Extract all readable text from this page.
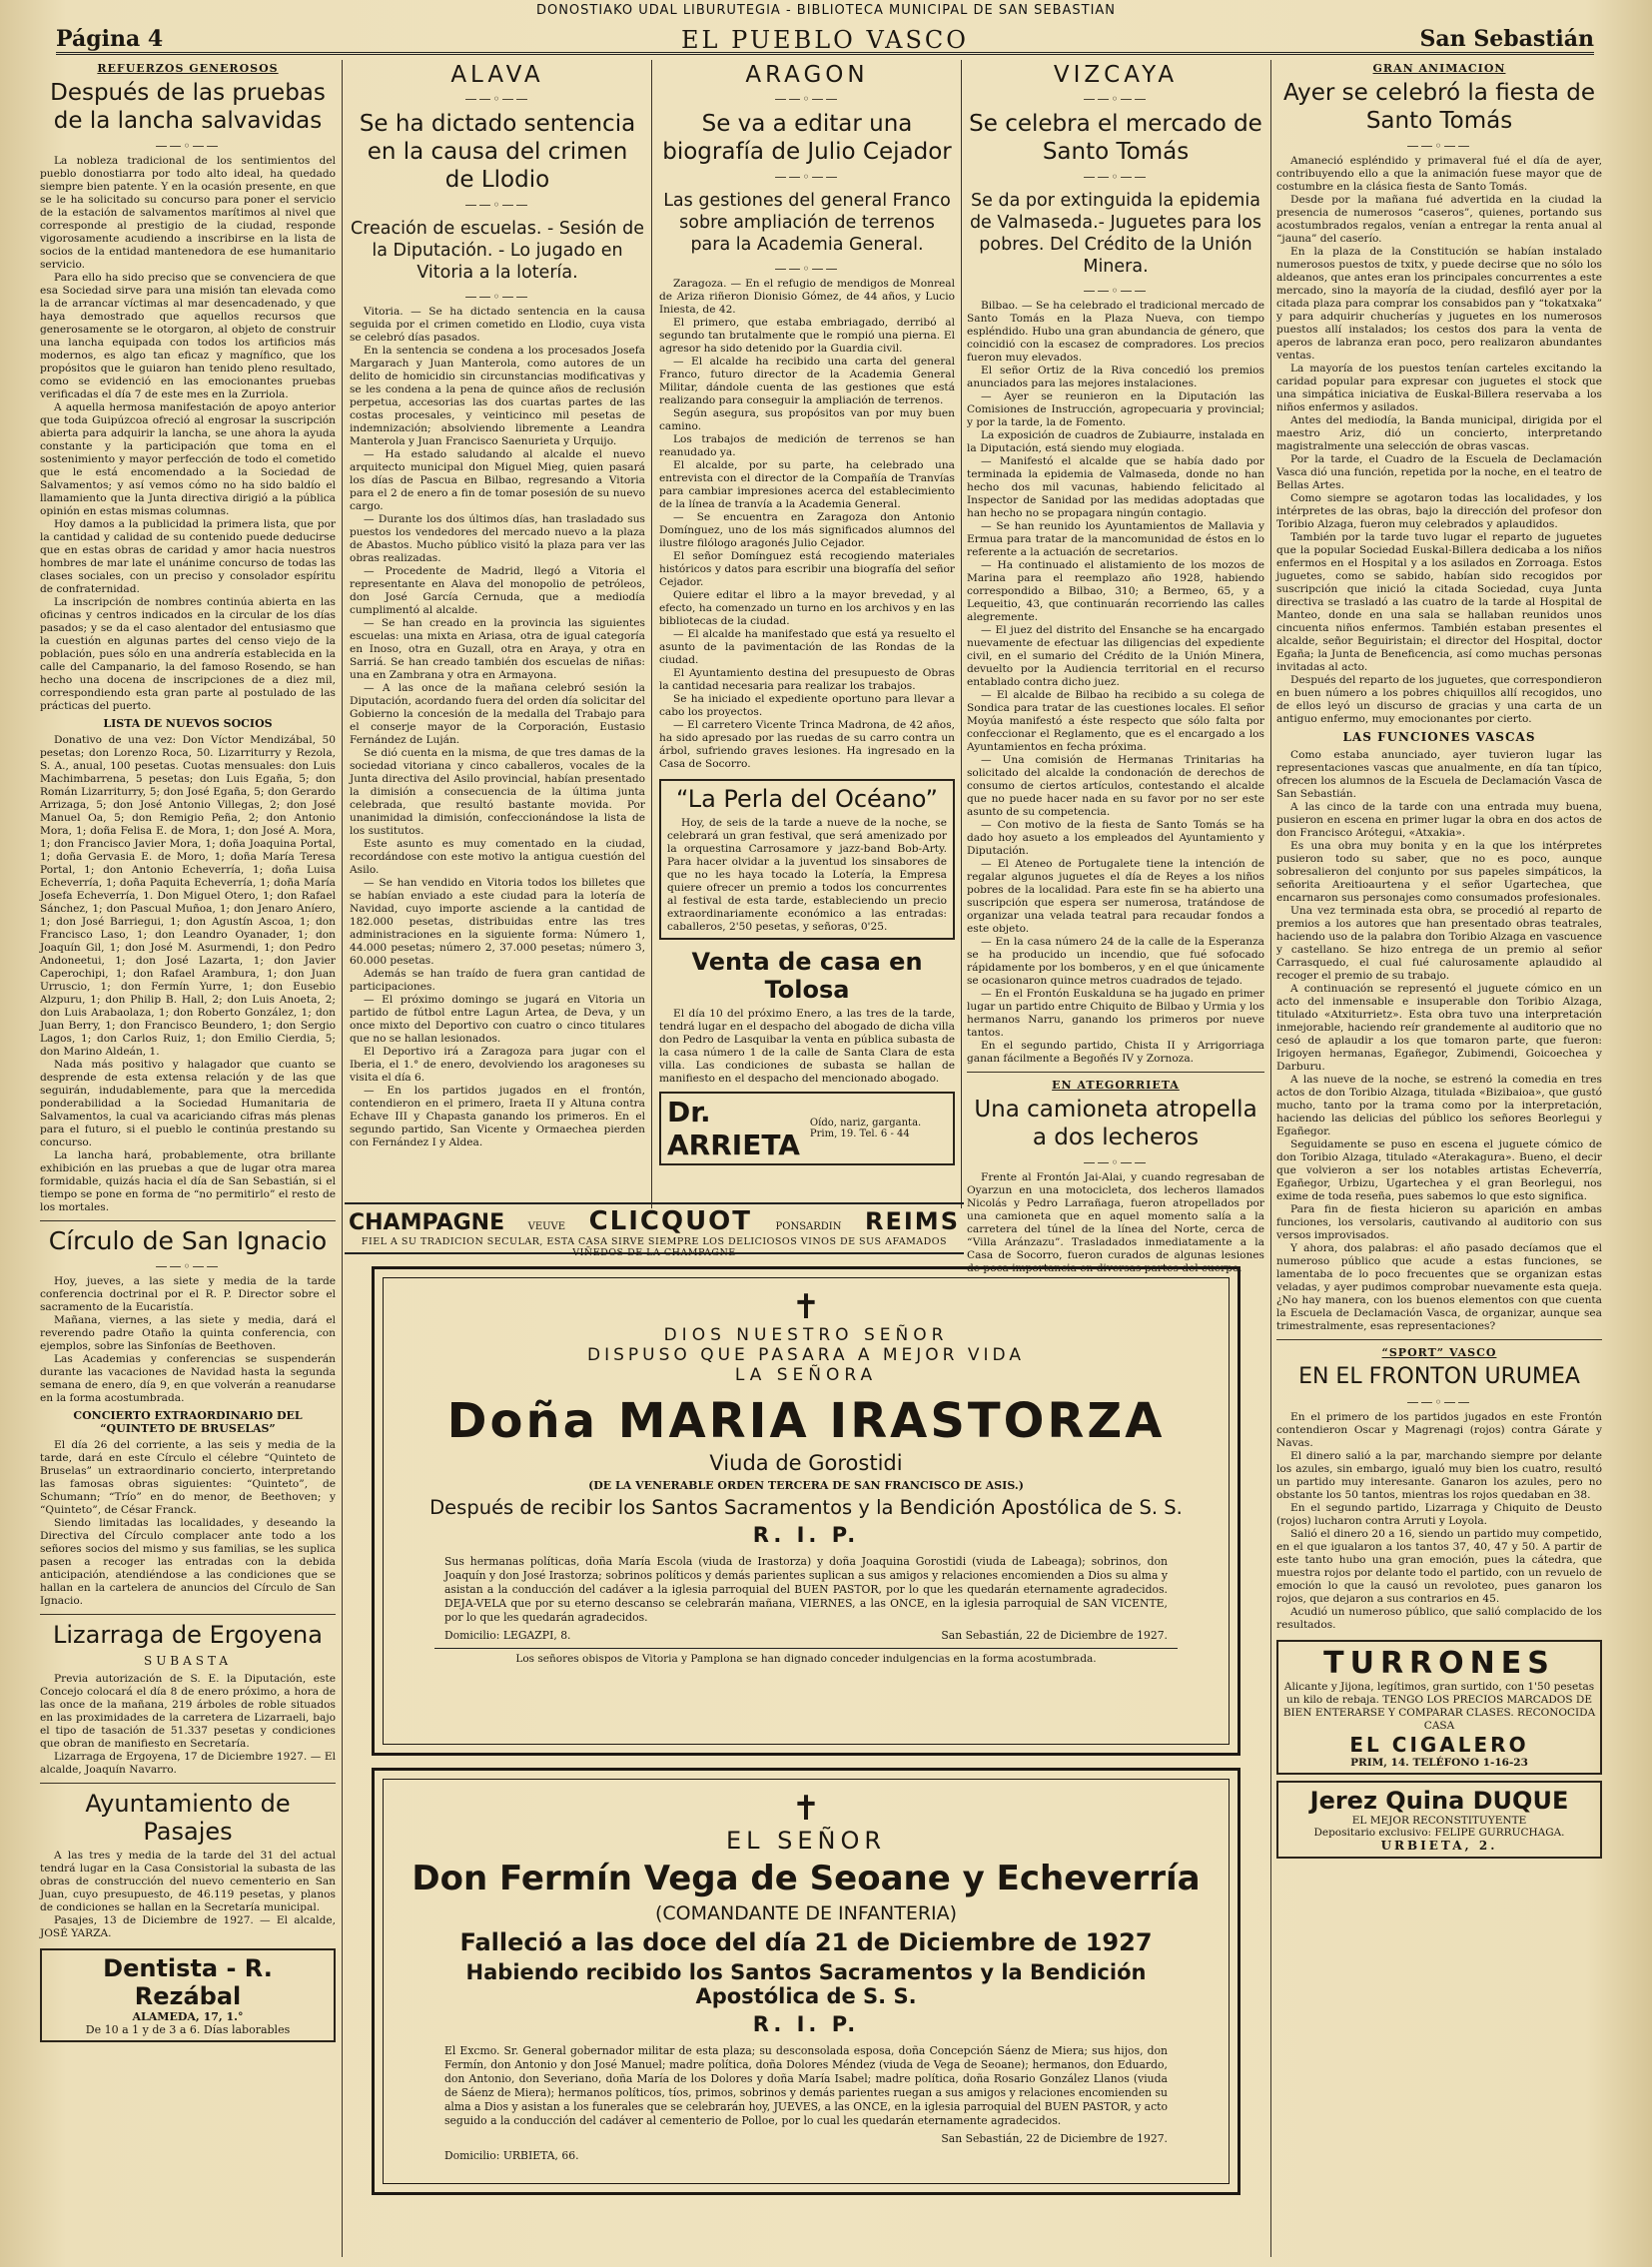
DONOSTIAKO UDAL LIBURUTEGIA - BIBLIOTECA MUNICIPAL DE SAN SEBASTIAN
Página 4	EL PUEBLO VASCO	San Sebastián
REFUERZOS GENEROSOS
Después de las pruebas de la lancha salvavidas
——◦——

La nobleza tradicional de los sentimientos del pueblo donostiarra por todo alto ideal, ha quedado siempre bien patente. Y en la ocasión presente, en que se le ha solicitado su concurso para poner el servicio de la estación de salvamentos marítimos al nivel que corresponde al prestigio de la ciudad, responde vigorosamente acudiendo a inscribirse en la lista de socios de la entidad mantenedora de ese humanitario servicio.

Para ello ha sido preciso que se convenciera de que esa Sociedad sirve para una misión tan elevada como la de arrancar víctimas al mar desencadenado, y que haya demostrado que aquellos recursos que generosamente se le otorgaron, al objeto de construir una lancha equipada con todos los artificios más modernos, es algo tan eficaz y magnífico, que los propósitos que le guiaron han tenido pleno resultado, como se evidenció en las emocionantes pruebas verificadas el día 7 de este mes en la Zurriola.

A aquella hermosa manifestación de apoyo anterior que toda Guipúzcoa ofreció al engrosar la suscripción abierta para adquirir la lancha, se une ahora la ayuda constante y la participación que toma en el sostenimiento y mayor perfección de todo el cometido que le está encomendado a la Sociedad de Salvamentos; y así vemos cómo no ha sido baldío el llamamiento que la Junta directiva dirigió a la pública opinión en estas mismas columnas.

Hoy damos a la publicidad la primera lista, que por la cantidad y calidad de su contenido puede deducirse que en estas obras de caridad y amor hacia nuestros hombres de mar late el unánime concurso de todas las clases sociales, con un preciso y consolador espíritu de confraternidad.

La inscripción de nombres continúa abierta en las oficinas y centros indicados en la circular de los días pasados; y se da el caso alentador del entusiasmo que la cuestión en algunas partes del censo viejo de la población, pues sólo en una andrería establecida en la calle del Campanario, la del famoso Rosendo, se han hecho una docena de inscripciones de a diez mil, correspondiendo esta gran parte al postulado de las prácticas del puerto.

LISTA DE NUEVOS SOCIOS

Donativo de una vez: Don Víctor Mendizábal, 50 pesetas; don Lorenzo Roca, 50. Lizarriturry y Rezola, S. A., anual, 100 pesetas. Cuotas mensuales: don Luis Machimbarrena, 5 pesetas; don Luis Egaña, 5; don Román Lizarriturry, 5; don José Egaña, 5; don Gerardo Arrizaga, 5; don José Antonio Villegas, 2; don José Manuel Oa, 5; don Remigio Peña, 2; don Antonio Mora, 1; doña Felisa E. de Mora, 1; don José A. Mora, 1; don Francisco Javier Mora, 1; doña Joaquina Portal, 1; doña Gervasia E. de Moro, 1; doña María Teresa Portal, 1; don Antonio Echeverría, 1; doña Luisa Echeverría, 1; doña Paquita Echeverría, 1; doña María Josefa Echeverría, 1. Don Miguel Otero, 1; don Rafael Sánchez, 1; don Pascual Muñoa, 1; don Jenaro Aníero, 1; don José Barriegui, 1; don Agustín Ascoa, 1; don Francisco Laso, 1; don Leandro Oyanader, 1; don Joaquín Gil, 1; don José M. Asurmendi, 1; don Pedro Andoneetui, 1; don José Lazarta, 1; don Javier Caperochipi, 1; don Rafael Arambura, 1; don Juan Urruscio, 1; don Fermín Yurre, 1; don Eusebio Alzpuru, 1; don Philip B. Hall, 2; don Luis Anoeta, 2; don Luis Arabaolaza, 1; don Roberto González, 1; don Juan Berry, 1; don Francisco Beundero, 1; don Sergio Lagos, 1; don Carlos Ruiz, 1; don Emilio Cierdia, 5; don Marino Aldeán, 1.

Nada más positivo y halagador que cuanto se desprende de esta extensa relación y de las que seguirán, indudablemente, para que la mercedida ponderabilidad a la Sociedad Humanitaria de Salvamentos, la cual va acariciando cifras más plenas para el futuro, si el pueblo le continúa prestando su concurso.

La lancha hará, probablemente, otra brillante exhibición en las pruebas a que de lugar otra marea formidable, quizás hacia el día de San Sebastián, si el tiempo se pone en forma de “no permitirlo” el resto de los mortales.

Círculo de San Ignacio
——◦——

Hoy, jueves, a las siete y media de la tarde conferencia doctrinal por el R. P. Director sobre el sacramento de la Eucaristía.

Mañana, viernes, a las siete y media, dará el reverendo padre Otaño la quinta conferencia, con ejemplos, sobre las Sinfonías de Beethoven.

Las Academias y conferencias se suspenderán durante las vacaciones de Navidad hasta la segunda semana de enero, día 9, en que volverán a reanudarse en la forma acostumbrada.

CONCIERTO EXTRAORDINARIO DEL “QUINTETO DE BRUSELAS”

El día 26 del corriente, a las seis y media de la tarde, dará en este Círculo el célebre “Quinteto de Bruselas” un extraordinario concierto, interpretando las famosas obras siguientes: “Quinteto”, de Schumann; “Trío” en do menor, de Beethoven; y “Quinteto”, de César Franck.

Siendo limitadas las localidades, y deseando la Directiva del Círculo complacer ante todo a los señores socios del mismo y sus familias, se les suplica pasen a recoger las entradas con la debida anticipación, atendiéndose a las condiciones que se hallan en la cartelera de anuncios del Círculo de San Ignacio.

Lizarraga de Ergoyena
SUBASTA

Previa autorización de S. E. la Diputación, este Concejo colocará el día 8 de enero próximo, a hora de las once de la mañana, 219 árboles de roble situados en las proximidades de la carretera de Lizarraeli, bajo el tipo de tasación de 51.337 pesetas y condiciones que obran de manifiesto en Secretaría.

Lizarraga de Ergoyena, 17 de Diciembre 1927. — El alcalde, Joaquín Navarro.

Ayuntamiento de Pasajes

A las tres y media de la tarde del 31 del actual tendrá lugar en la Casa Consistorial la subasta de las obras de construcción del nuevo cementerio en San Juan, cuyo presupuesto, de 46.119 pesetas, y planos de condiciones se hallan en la Secretaría municipal.

Pasajes, 13 de Diciembre de 1927. — El alcalde, JOSÉ YARZA.

Dentista - R. Rezábal
ALAMEDA, 17, 1.°
De 10 a 1 y de 3 a 6. Días laborables
ALAVA
——◦——
Se ha dictado sentencia en la causa del crimen de Llodio
——◦——
Creación de escuelas. - Sesión de la Diputación. - Lo jugado en Vitoria a la lotería.
——◦——

Vitoria. — Se ha dictado sentencia en la causa seguida por el crimen cometido en Llodio, cuya vista se celebró días pasados.

En la sentencia se condena a los procesados Josefa Margarach y Juan Manterola, como autores de un delito de homicidio sin circunstancias modificativas y se les condena a la pena de quince años de reclusión perpetua, accesorias las dos cuartas partes de las costas procesales, y veinticinco mil pesetas de indemnización; absolviendo libremente a Leandra Manterola y Juan Francisco Saenurieta y Urquijo.

— Ha estado saludando al alcalde el nuevo arquitecto municipal don Miguel Mieg, quien pasará los días de Pascua en Bilbao, regresando a Vitoria para el 2 de enero a fin de tomar posesión de su nuevo cargo.

— Durante los dos últimos días, han trasladado sus puestos los vendedores del mercado nuevo a la plaza de Abastos. Mucho público visitó la plaza para ver las obras realizadas.

— Procedente de Madrid, llegó a Vitoria el representante en Alava del monopolio de petróleos, don José García Cernuda, que a mediodía cumplimentó al alcalde.

— Se han creado en la provincia las siguientes escuelas: una mixta en Ariasa, otra de igual categoría en Inoso, otra en Guzall, otra en Araya, y otra en Sarriá. Se han creado también dos escuelas de niñas: una en Zambrana y otra en Armayona.

— A las once de la mañana celebró sesión la Diputación, acordando fuera del orden día solicitar del Gobierno la concesión de la medalla del Trabajo para el conserje mayor de la Corporación, Eustasio Fernández de Luján.

Se dió cuenta en la misma, de que tres damas de la sociedad vitoriana y cinco caballeros, vocales de la Junta directiva del Asilo provincial, habían presentado la dimisión a consecuencia de la última junta celebrada, que resultó bastante movida. Por unanimidad la dimisión, confeccionándose la lista de los sustitutos.

Este asunto es muy comentado en la ciudad, recordándose con este motivo la antigua cuestión del Asilo.

— Se han vendido en Vitoria todos los billetes que se habían enviado a este ciudad para la lotería de Navidad, cuyo importe asciende a la cantidad de 182.000 pesetas, distribuidas entre las tres administraciones en la siguiente forma: Número 1, 44.000 pesetas; número 2, 37.000 pesetas; número 3, 60.000 pesetas.

Además se han traído de fuera gran cantidad de participaciones.

— El próximo domingo se jugará en Vitoria un partido de fútbol entre Lagun Artea, de Deva, y un once mixto del Deportivo con cuatro o cinco titulares que no se hallan lesionados.

El Deportivo irá a Zaragoza para jugar con el Iberia, el 1.° de enero, devolviendo los aragoneses su visita el día 6.

— En los partidos jugados en el frontón, contendieron en el primero, Iraeta II y Altuna contra Echave III y Chapasta ganando los primeros. En el segundo partido, San Vicente y Ormaechea pierden con Fernández I y Aldea.

ARAGON
——◦——
Se va a editar una biografía de Julio Cejador
——◦——
Las gestiones del general Franco sobre ampliación de terrenos para la Academia General.
——◦——

Zaragoza. — En el refugio de mendigos de Monreal de Ariza riñeron Dionisio Gómez, de 44 años, y Lucio Iniesta, de 42.

El primero, que estaba embriagado, derribó al segundo tan brutalmente que le rompió una pierna. El agresor ha sido detenido por la Guardia civil.

— El alcalde ha recibido una carta del general Franco, futuro director de la Academia General Militar, dándole cuenta de las gestiones que está realizando para conseguir la ampliación de terrenos.

Según asegura, sus propósitos van por muy buen camino.

Los trabajos de medición de terrenos se han reanudado ya.

El alcalde, por su parte, ha celebrado una entrevista con el director de la Compañía de Tranvías para cambiar impresiones acerca del establecimiento de la línea de tranvía a la Academia General.

— Se encuentra en Zaragoza don Antonio Domínguez, uno de los más significados alumnos del ilustre filólogo aragonés Julio Cejador.

El señor Domínguez está recogiendo materiales históricos y datos para escribir una biografía del señor Cejador.

Quiere editar el libro a la mayor brevedad, y al efecto, ha comenzado un turno en los archivos y en las bibliotecas de la ciudad.

— El alcalde ha manifestado que está ya resuelto el asunto de la pavimentación de las Rondas de la ciudad.

El Ayuntamiento destina del presupuesto de Obras la cantidad necesaria para realizar los trabajos.

Se ha iniciado el expediente oportuno para llevar a cabo los proyectos.

— El carretero Vicente Trinca Madrona, de 42 años, ha sido apresado por las ruedas de su carro contra un árbol, sufriendo graves lesiones. Ha ingresado en la Casa de Socorro.

“La Perla del Océano”

Hoy, de seis de la tarde a nueve de la noche, se celebrará un gran festival, que será amenizado por la orquestina Carrosamore y jazz-band Bob-Arty. Para hacer olvidar a la juventud los sinsabores de que no les haya tocado la Lotería, la Empresa quiere ofrecer un premio a todos los concurrentes al festival de esta tarde, estableciendo un precio extraordinariamente económico a las entradas: caballeros, 2'50 pesetas, y señoras, 0'25.

Venta de casa en Tolosa

El día 10 del próximo Enero, a las tres de la tarde, tendrá lugar en el despacho del abogado de dicha villa don Pedro de Lasquibar la venta en pública subasta de la casa número 1 de la calle de Santa Clara de esta villa. Las condiciones de subasta se hallan de manifiesto en el despacho del mencionado abogado.

Dr. ARRIETA
Oído, nariz, garganta. Prim, 19. Tel. 6 - 44
VIZCAYA
——◦——
Se celebra el mercado de Santo Tomás
——◦——
Se da por extinguida la epidemia de Valmaseda.- Juguetes para los pobres. Del Crédito de la Unión Minera.
——◦——

Bilbao. — Se ha celebrado el tradicional mercado de Santo Tomás en la Plaza Nueva, con tiempo espléndido. Hubo una gran abundancia de género, que coincidió con la escasez de compradores. Los precios fueron muy elevados.

El señor Ortiz de la Riva concedió los premios anunciados para las mejores instalaciones.

— Ayer se reunieron en la Diputación las Comisiones de Instrucción, agropecuaria y provincial; y por la tarde, la de Fomento.

La exposición de cuadros de Zubiaurre, instalada en la Diputación, está siendo muy elogiada.

— Manifestó el alcalde que se había dado por terminada la epidemia de Valmaseda, donde no han hecho dos mil vacunas, habiendo felicitado al Inspector de Sanidad por las medidas adoptadas que han hecho no se propagara ningún contagio.

— Se han reunido los Ayuntamientos de Mallavia y Ermua para tratar de la mancomunidad de éstos en lo referente a la actuación de secretarios.

— Ha continuado el alistamiento de los mozos de Marina para el reemplazo año 1928, habiendo correspondido a Bilbao, 310; a Bermeo, 65, y a Lequeitio, 43, que continuarán recorriendo las calles alegremente.

— El juez del distrito del Ensanche se ha encargado nuevamente de efectuar las diligencias del expediente civil, en el sumario del Crédito de la Unión Minera, devuelto por la Audiencia territorial en el recurso entablado contra dicho juez.

— El alcalde de Bilbao ha recibido a su colega de Sondica para tratar de las cuestiones locales. El señor Moyúa manifestó a éste respecto que sólo falta por confeccionar el Reglamento, que es el encargado a los Ayuntamientos en fecha próxima.

— Una comisión de Hermanas Trinitarias ha solicitado del alcalde la condonación de derechos de consumo de ciertos artículos, contestando el alcalde que no puede hacer nada en su favor por no ser este asunto de su competencia.

— Con motivo de la fiesta de Santo Tomás se ha dado hoy asueto a los empleados del Ayuntamiento y Diputación.

— El Ateneo de Portugalete tiene la intención de regalar algunos juguetes el día de Reyes a los niños pobres de la localidad. Para este fin se ha abierto una suscripción que espera ser numerosa, tratándose de organizar una velada teatral para recaudar fondos a este objeto.

— En la casa número 24 de la calle de la Esperanza se ha producido un incendio, que fué sofocado rápidamente por los bomberos, y en el que únicamente se ocasionaron quince metros cuadrados de tejado.

— En el Frontón Euskalduna se ha jugado en primer lugar un partido entre Chiquito de Bilbao y Urmia y los hermanos Narru, ganando los primeros por nueve tantos.

En el segundo partido, Chista II y Arrigorriaga ganan fácilmente a Begoñés IV y Zornoza.

EN ATEGORRIETA
Una camioneta atropella a dos lecheros
——◦——

Frente al Frontón Jai-Alai, y cuando regresaban de Oyarzun en una motocicleta, dos lecheros llamados Nicolás y Pedro Larrañaga, fueron atropellados por una camioneta que en aquel momento salía a la carretera del túnel de la línea del Norte, cerca de “Villa Aránzazu”. Trasladados inmediatamente a la Casa de Socorro, fueron curados de algunas lesiones de poca importancia en diversas partes del cuerpo.

GRAN ANIMACION
Ayer se celebró la fiesta de Santo Tomás
——◦——

Amaneció espléndido y primaveral fué el día de ayer, contribuyendo ello a que la animación fuese mayor que de costumbre en la clásica fiesta de Santo Tomás.

Desde por la mañana fué advertida en la ciudad la presencia de numerosos “caseros”, quienes, portando sus acostumbrados regalos, venían a entregar la renta anual al “jauna” del caserío.

En la plaza de la Constitución se habían instalado numerosos puestos de txitx, y puede decirse que no sólo los aldeanos, que antes eran los principales concurrentes a este mercado, sino la mayoría de la ciudad, desfiló ayer por la citada plaza para comprar los consabidos pan y “tokatxaka” y para adquirir chucherías y juguetes en los numerosos puestos allí instalados; los cestos dos para la venta de aperos de labranza eran poco, pero realizaron abundantes ventas.

La mayoría de los puestos tenían carteles excitando la caridad popular para expresar con juguetes el stock que una simpática iniciativa de Euskal-Billera reservaba a los niños enfermos y asilados.

Antes del mediodía, la Banda municipal, dirigida por el maestro Ariz, dió un concierto, interpretando magistralmente una selección de obras vascas.

Por la tarde, el Cuadro de la Escuela de Declamación Vasca dió una función, repetida por la noche, en el teatro de Bellas Artes.

Como siempre se agotaron todas las localidades, y los intérpretes de las obras, bajo la dirección del profesor don Toribio Alzaga, fueron muy celebrados y aplaudidos.

También por la tarde tuvo lugar el reparto de juguetes que la popular Sociedad Euskal-Billera dedicaba a los niños enfermos en el Hospital y a los asilados en Zorroaga. Estos juguetes, como se sabido, habían sido recogidos por suscripción que inició la citada Sociedad, cuya Junta directiva se trasladó a las cuatro de la tarde al Hospital de Manteo, donde en una sala se hallaban reunidos unos cincuenta niños enfermos. También estaban presentes el alcalde, señor Beguiristain; el director del Hospital, doctor Egaña; la Junta de Beneficencia, así como muchas personas invitadas al acto.

Después del reparto de los juguetes, que correspondieron en buen número a los pobres chiquillos allí recogidos, uno de ellos leyó un discurso de gracias y una carta de un antiguo enfermo, muy emocionantes por cierto.

LAS FUNCIONES VASCAS

Como estaba anunciado, ayer tuvieron lugar las representaciones vascas que anualmente, en día tan típico, ofrecen los alumnos de la Escuela de Declamación Vasca de San Sebastián.

A las cinco de la tarde con una entrada muy buena, pusieron en escena en primer lugar la obra en dos actos de don Francisco Arótegui, «Atxakia».

Es una obra muy bonita y en la que los intérpretes pusieron todo su saber, que no es poco, aunque sobresalieron del conjunto por sus papeles simpáticos, la señorita Areitioaurtena y el señor Ugartechea, que encarnaron sus personajes como consumados profesionales.

Una vez terminada esta obra, se procedió al reparto de premios a los autores que han presentado obras teatrales, haciendo uso de la palabra don Toribio Alzaga en vascuence y castellano. Se hizo entrega de un premio al señor Carrasquedo, el cual fué calurosamente aplaudido al recoger el premio de su trabajo.

A continuación se representó el juguete cómico en un acto del inmensable e insuperable don Toribio Alzaga, titulado «Atxiturrietz». Esta obra tuvo una interpretación inmejorable, haciendo reír grandemente al auditorio que no cesó de aplaudir a los que tomaron parte, que fueron: Irigoyen hermanas, Egañegor, Zubimendi, Goicoechea y Darburu.

A las nueve de la noche, se estrenó la comedia en tres actos de don Toribio Alzaga, titulada «Bizibaioa», que gustó mucho, tanto por la trama como por la interpretación, haciendo las delicias del público los señores Beorlegui y Egañegor.

Seguidamente se puso en escena el juguete cómico de don Toribio Alzaga, titulado «Aterakagura». Bueno, el decir que volvieron a ser los notables artistas Echeverría, Egañegor, Urbizu, Ugartechea y el gran Beorlegui, nos exime de toda reseña, pues sabemos lo que esto significa.

Para fin de fiesta hicieron su aparición en ambas funciones, los versolaris, cautivando al auditorio con sus versos improvisados.

Y ahora, dos palabras: el año pasado decíamos que el numeroso público que acude a estas funciones, se lamentaba de lo poco frecuentes que se organizan estas veladas, y ayer pudimos comprobar nuevamente esta queja. ¿No hay manera, con los buenos elementos con que cuenta la Escuela de Declamación Vasca, de organizar, aunque sea trimestralmente, esas representaciones?

“SPORT” VASCO
EN EL FRONTON URUMEA
——◦——

En el primero de los partidos jugados en este Frontón contendieron Oscar y Magrenagi (rojos) contra Gárate y Navas.

El dinero salió a la par, marchando siempre por delante los azules, sin embargo, igualó muy bien los cuatro, resultó un partido muy interesante. Ganaron los azules, pero no obstante los 50 tantos, mientras los rojos quedaban en 38.

En el segundo partido, Lizarraga y Chiquito de Deusto (rojos) lucharon contra Arruti y Loyola.

Salió el dinero 20 a 16, siendo un partido muy competido, en el que igualaron a los tantos 37, 40, 47 y 50. A partir de este tanto hubo una gran emoción, pues la cátedra, que muestra rojos por delante todo el partido, con un revuelo de emoción lo que la causó un revoloteo, pues ganaron los rojos, que dejaron a sus contrarios en 45.

Acudió un numeroso público, que salió complacido de los resultados.

TURRONES
Alicante y Jijona, legítimos, gran surtido, con 1'50 pesetas un kilo de rebaja. TENGO LOS PRECIOS MARCADOS DE BIEN ENTERARSE Y COMPARAR CLASES. RECONOCIDA CASA
EL CIGALERO
PRIM, 14. TELÉFONO 1-16-23
Jerez Quina DUQUE
EL MEJOR RECONSTITUYENTE
Depositario exclusivo: FELIPE GURRUCHAGA.
URBIETA, 2.
CHAMPAGNE VEUVE CLICQUOT PONSARDIN REIMS
FIEL A SU TRADICION SECULAR, ESTA CASA SIRVE SIEMPRE LOS DELICIOSOS VINOS DE SUS AFAMADOS VIÑEDOS DE LA CHAMPAGNE
✝
DIOS NUESTRO SEÑOR
DISPUSO QUE PASARA A MEJOR VIDA
LA SEÑORA
Doña MARIA IRASTORZA
Viuda de Gorostidi
(DE LA VENERABLE ORDEN TERCERA DE SAN FRANCISCO DE ASIS.)
Después de recibir los Santos Sacramentos y la Bendición Apostólica de S. S.
R. I. P.
Sus hermanas políticas, doña María Escola (viuda de Irastorza) y doña Joaquina Gorostidi (viuda de Labeaga); sobrinos, don Joaquín y don José Irastorza; sobrinos políticos y demás parientes suplican a sus amigos y relaciones encomienden a Dios su alma y asistan a la conducción del cadáver a la iglesia parroquial del BUEN PASTOR, por lo que les quedarán eternamente agradecidos. DEJA-VELA que por su eterno descanso se celebrarán mañana, VIERNES, a las ONCE, en la iglesia parroquial de SAN VICENTE, por lo que les quedarán agradecidos.
Domicilio: LEGAZPI, 8.	San Sebastián, 22 de Diciembre de 1927.
Los señores obispos de Vitoria y Pamplona se han dignado conceder indulgencias en la forma acostumbrada.
✝
EL SEÑOR
Don Fermín Vega de Seoane y Echeverría
(COMANDANTE DE INFANTERIA)
Falleció a las doce del día 21 de Diciembre de 1927
Habiendo recibido los Santos Sacramentos y la Bendición Apostólica de S. S.
R. I. P.
El Excmo. Sr. General gobernador militar de esta plaza; su desconsolada esposa, doña Concepción Sáenz de Miera; sus hijos, don Fermín, don Antonio y don José Manuel; madre política, doña Dolores Méndez (viuda de Vega de Seoane); hermanos, don Eduardo, don Antonio, don Severiano, doña María de los Dolores y doña María Isabel; madre política, doña Rosario González Llanos (viuda de Sáenz de Miera); hermanos políticos, tíos, primos, sobrinos y demás parientes ruegan a sus amigos y relaciones encomienden su alma a Dios y asistan a los funerales que se celebrarán hoy, JUEVES, a las ONCE, en la iglesia parroquial del BUEN PASTOR, y acto seguido a la conducción del cadáver al cementerio de Polloe, por lo cual les quedarán eternamente agradecidos.
San Sebastián, 22 de Diciembre de 1927.
Domicilio: URBIETA, 66.
